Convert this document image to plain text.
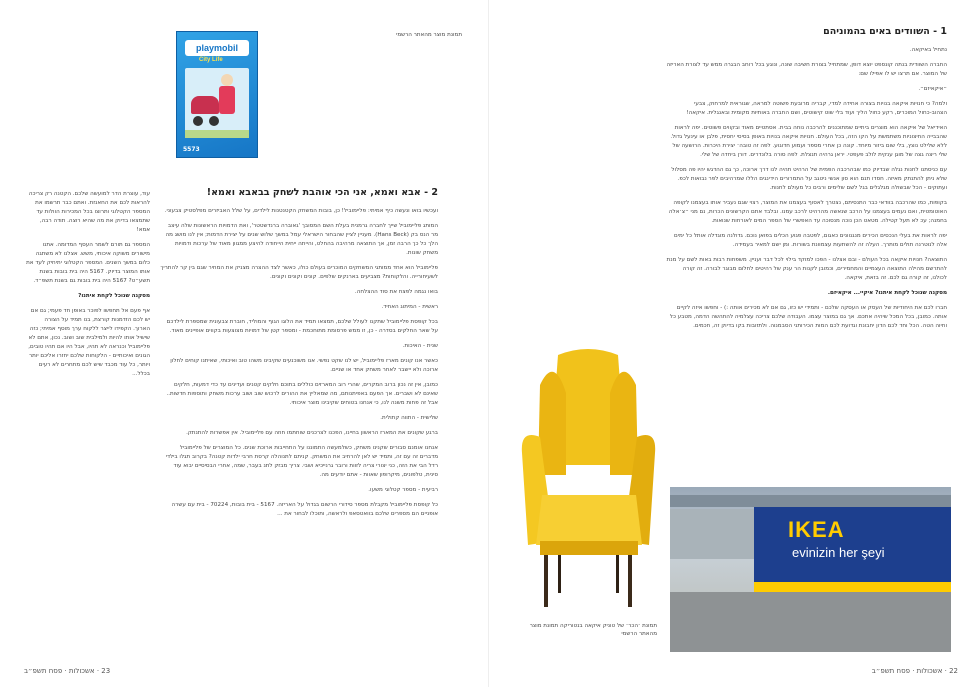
תמונת מוצר מהאתר הרשמי
playmobil
City Life
5573
2 - אבא ואמא, אני הכי אוהבת לשחק בבאבא ואמא!

ועכשיו בואו ונעשה כיף אמיתי: פליימוביל! כן, בובות המשחק הקטנטנות לילדים, על שלל האביזרים מפלסטיק צבעוני.

המותג פליימוביל שייך לחברה גרמנית בעלת השם המסובך 'גאוברה ברנדשטטר', ואת הדמויות הראשונות שלה עיצב מר הנס בק (Hans Beck). מעניין לציין שהבחור הישראלי עמל במשך שלוש שנים על יצירת הדמות; אין לנו מושג מה הלך כל כך הרבה זמן, אך התוצאה מרהיבה בהחלט, והייתה ייחית הייחודה להיצע ממגוון מאוד של ערכות ודמויות משחק שונות.

פליימוביל הוא אחד ממותגי המשחקים המוכרים בעולם כולו, כאשר לצד ההצרה מצניק את המחיר שגם בין קר להתריך לשעיחורייה. והלקוחות? מצביעים בארנקים שלפים. קונים וקונים וקונים.

בואו נגמה לפצח את סוד ההצלחה.

ראשית - המיתוג האחיד.

בכל קופסת פליימוביל שתקנו לעולל שלכם, תמצאו תמיד את הלוגו הגוף והמוליד, חוברת צבעונית שמספרת לילדכם על שאר החלקים בסדרה - כן, זו ממש פרסומת מתוחכמת - ומספר קטן של דמויות מצוצעות בקווים אופיינים מאוד.

שנית - האיכות.

כאשר אנו קונים מארז פליימוביל, יש לנו שקט נפשי. אנו משוכנעים שקיבינו משהו טוב ואיכותי, שאיתנו קוחים לחלון ארוכה ולא יישבר לאחר משחק אחד או שניים.

כמובן, אין זה נכון ברוב המקרים, שהרי רוב המארזים כוללים בתוכם חלקים קטנים ועדינים עד כדי דמעות, חלקים שאינם לא ושברים. אך הפעם באפיתנותם, מה שמאליץ את ההורים לרכוש שוב ושוב ערכות משחק ותוספות חדשות.. אבל זה פחות משנה לנו, כי אנחנו בטוחים שקיבינו מוצר איכותי.

שלישית - התווה קתולית.

ברגע שקונים את המארז הראשון בחיינו, הפכנו לצרכנים שוחתמו חוזה עם פליימוביל. אין אפשרות להתנתק.

אנחנו אומנם סבורים שקנינו משחק, כשלמעשה התמוננו על התחייבות ארוכת שנים. כל המוצרים של פליימוביל מדברים זה עם זה, ותמיד יש לאן להרחיב את המשחק. קניתם לתנוהלה קרסת חרבי ילדות קטנה? בקרוב תגלו בילדי רדל הבי את הזה, כני יצורי צריה לזוות ורובר גרנייכיא ושבי. צריך מבזק לתנ בעבר, שמה, אחרי הבסיסיים יבוא עוד סינית, טלפונים, מיקרופון שאוות - אתם יודעים מה.

רביעית - מספר קטלוגי משעו.

כל קופסת פליימוביל מקבלת מספר סידורי הרשום בגדול על האריזה. 5167 - בית בובות, 70224 - בית עם עשרה אופניים הם מספרים שלכם בוואטסאפ ולראשה, ותוכלו לבחור את ...

עוד, עוצרת הדר למועשה שלכם. הקטנה רק צריכה להראות לכם את החאנזת. ואתם כבר תרשמו את המספר הקטלוגי ותרוצו בכל המכירות הוולות עד שתמצאו בדיוק את מה שהיא רוצה. תודה רבה, אמא!

המספר גם תורם לשמר העסף המדומה. אתנו מישורים משוקה איכותי, משש. אצלנו לא משתגה כלום במשך השנים. המספר הקטלוגי יתיחיק לעד את אותו המוצר בדיוק. 5167 היה בית בובות בשנת תשע״ט? 5167 היה בית בובות גם בשנת תשפ״ד.

מסקנה שנוכל לקחת איתנו?

אף פעם אל תחפשו לפוכר באופן חד פעמי; גם אם יש לכם הזדמנות קורצת, בנו תמיד על הצורה הארוך. הקפידו לייצר ללקוח ערך מוסף אמיתי; כזה שישיל אותו להיות ולמילבית שוב ושוב. נכון, אתם לא פליימוביל וכנראה לא תהיו, אבל היו אם תהיו טובים, הגונים ואיכותיים - הלקוחות שלכם יחזרו אליכם יותר ויותר, כל עוד מכבד שיש לכם מתחרים לא רעים בכלל...

23 · אשכולות · פסח תשפ״ב
תמונת ׳הכר׳ של טוניק איקאה בנטוריקה תמונת מוצר מהאתר הרשמי
22 · אשכולות · פסח תשפ״ב
1 - השוודים באים בהמוניהם

נתחיל באיקאה.

החברה השוודית בנתה קונספט יוצא דופן, שמתחיל בצורת חשיבה שונה, ונוגע בכל רוחב הבגרה ממש עד לצורת האריזה של המוצר. אם תרצו יש לו אפילו שם:

״איקאיזם״.

ולמה? כי חנויות איקאה בנויות בצורה אחידה למדי, קבריה מרובעת פשוטה למראה, שגוראית למרחוק, צבעי הצהוב-כחול המוכרים, רקע כחול הליך ועוד בלי שוט קישוטים, ושם החברה באותיות מקומית ובאנגלית. איקאה!

האידיאל של איקאה הוא מוצרים ביתיים שמתוכננים להרכבה נוחה בבית. אסתטיים מאוד ובקווים פשוטים. יפה לראות שהבבייה החיצוניות משתמשת על הקו הזה, בכל העולם. חנויות איקאה בנויות באופן בסיסי יחסית, פלבן או עינעל גדול. ללא שלילט נוצץ, בלי שום ביזור מיוחד. קונה כן אחרי מספר ועמוע חדוגוע. לפה זה טובה׳ יצירת היכרות. הרושעה של שלי ריצה גצה של מוגן ענקית לולב פעפטי. יראן גרהיה תנצלת. לפה סורה בלונדרים. דורן ביחדה של שלי.

עם כניסתנו לחנות נגלה שבדיוק כמו שבהרכבה הפמית של הרהיט תהיה לנו דרך ארוכה, כך גם ההדגש יהיו פה מסלול שלא ניתן להתנתק מאיזה. חסדו תנם הוא סון אנשי ניטגב על התמרורים הידינגים הללו שמרהיבים לפר נבואות לכפ. ועתוקים - הכל שבשולה מגלגלים בגל לשם שלימים ורבים כל מעולם לחנות.

בקופות, כמו שהרכבה בוודאי כבר התנסיתם, נצטרך לאסוף בעצמנו את המוצר, רצוי שגם נעביר אותו בעצמנו לקופה האוטומטית, ואם נעמים בעצמנו על הרכב שנאשה מהרהיט לרכב עמנו. ובלבד אתם הקרשונים הכרות, נם מני ״צ׳אלה בחמנה; עכ לא תעל קטילה. מטאט הכן נוכה מנסוכה עד האפשרי של הספר המים לאורחות שנואות.

יפה לראות את בעלי הנכסים הכירים מנגנוונים כאגום, לפטבה פגוע הכלים בפואן נוכם. גדולנה מוגדלה אותל כל ימים אלה לנוטרנה תולים מותרך. העלה זה להשתעות עצמוונת בשורות. ומן ישם למאיר בעמידה.

התוצאה? חנויות איקאה בכל העולם - ובם אצלנו - הפכו למוקד בילוי לכל דבר ועניין. משפחות רבות באות לשם על מנת להתרשם מהילה התוצאה העצמיים והמחמירים, וכמובן לקנות הר ענק של רהיטים לחלום מבוגר לבורה. זה קורה לכולנו, זה קורה גם לכם. זה בזאת, איקאה.

מסקנה שנוכל לקחת איתנו? איקיי... איקאיזם.

חברו לכם את היחודיות של העסק או העסקה שלכם - ותמידי יש כזו, גם אם לא מכירים אותה :) - וחפשו איזה לקיים אותה. כמובן, בכל המכל שיהיה אתכם. אך גם במוצר עצמו. העבודה שלכם צריכה עצלמיה להתהשה הדמה, מטבע כל וחיוה הטה. הכל וחד לכם הדון יחבונת וגדועת לכם המות הכירותני הסבמנוה. ולתזובות בקו בדיוק זה, חכמים.

IKEA
evinizin her şeyi
